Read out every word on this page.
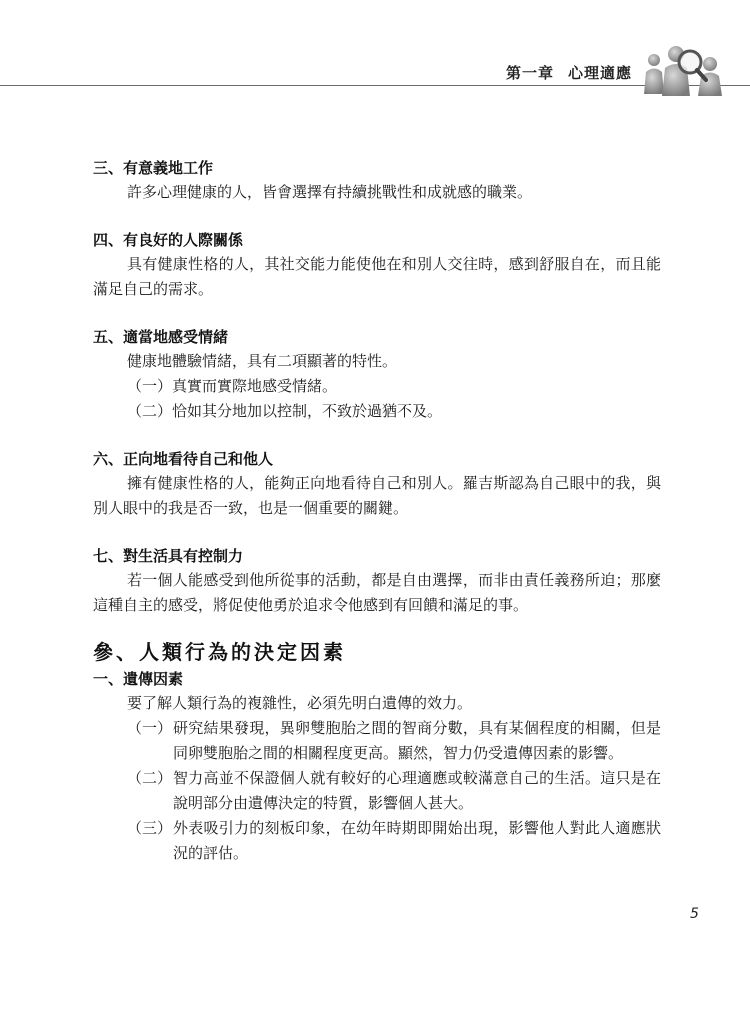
第一章 心理適應
三、有意義地工作
許多心理健康的人，皆會選擇有持續挑戰性和成就感的職業。
四、有良好的人際關係
具有健康性格的人，其社交能力能使他在和別人交往時，感到舒服自在，而且能滿足自己的需求。
五、適當地感受情緒
健康地體驗情緒，具有二項顯著的特性。
（一）真實而實際地感受情緒。
（二）恰如其分地加以控制，不致於過猶不及。
六、正向地看待自己和他人
擁有健康性格的人，能夠正向地看待自己和別人。羅吉斯認為自己眼中的我，與別人眼中的我是否一致，也是一個重要的關鍵。
七、對生活具有控制力
若一個人能感受到他所從事的活動，都是自由選擇，而非由責任義務所迫；那麼這種自主的感受，將促使他勇於追求令他感到有回饋和滿足的事。
參、人類行為的決定因素
一、遺傳因素
要了解人類行為的複雜性，必須先明白遺傳的效力。
（一） 研究結果發現，異卵雙胞胎之間的智商分數，具有某個程度的相關，但是同卵雙胞胎之間的相關程度更高。顯然，智力仍受遺傳因素的影響。
（二） 智力高並不保證個人就有較好的心理適應或較滿意自己的生活。這只是在說明部分由遺傳決定的特質，影響個人甚大。
（三） 外表吸引力的刻板印象，在幼年時期即開始出現，影響他人對此人適應狀況的評估。
5
